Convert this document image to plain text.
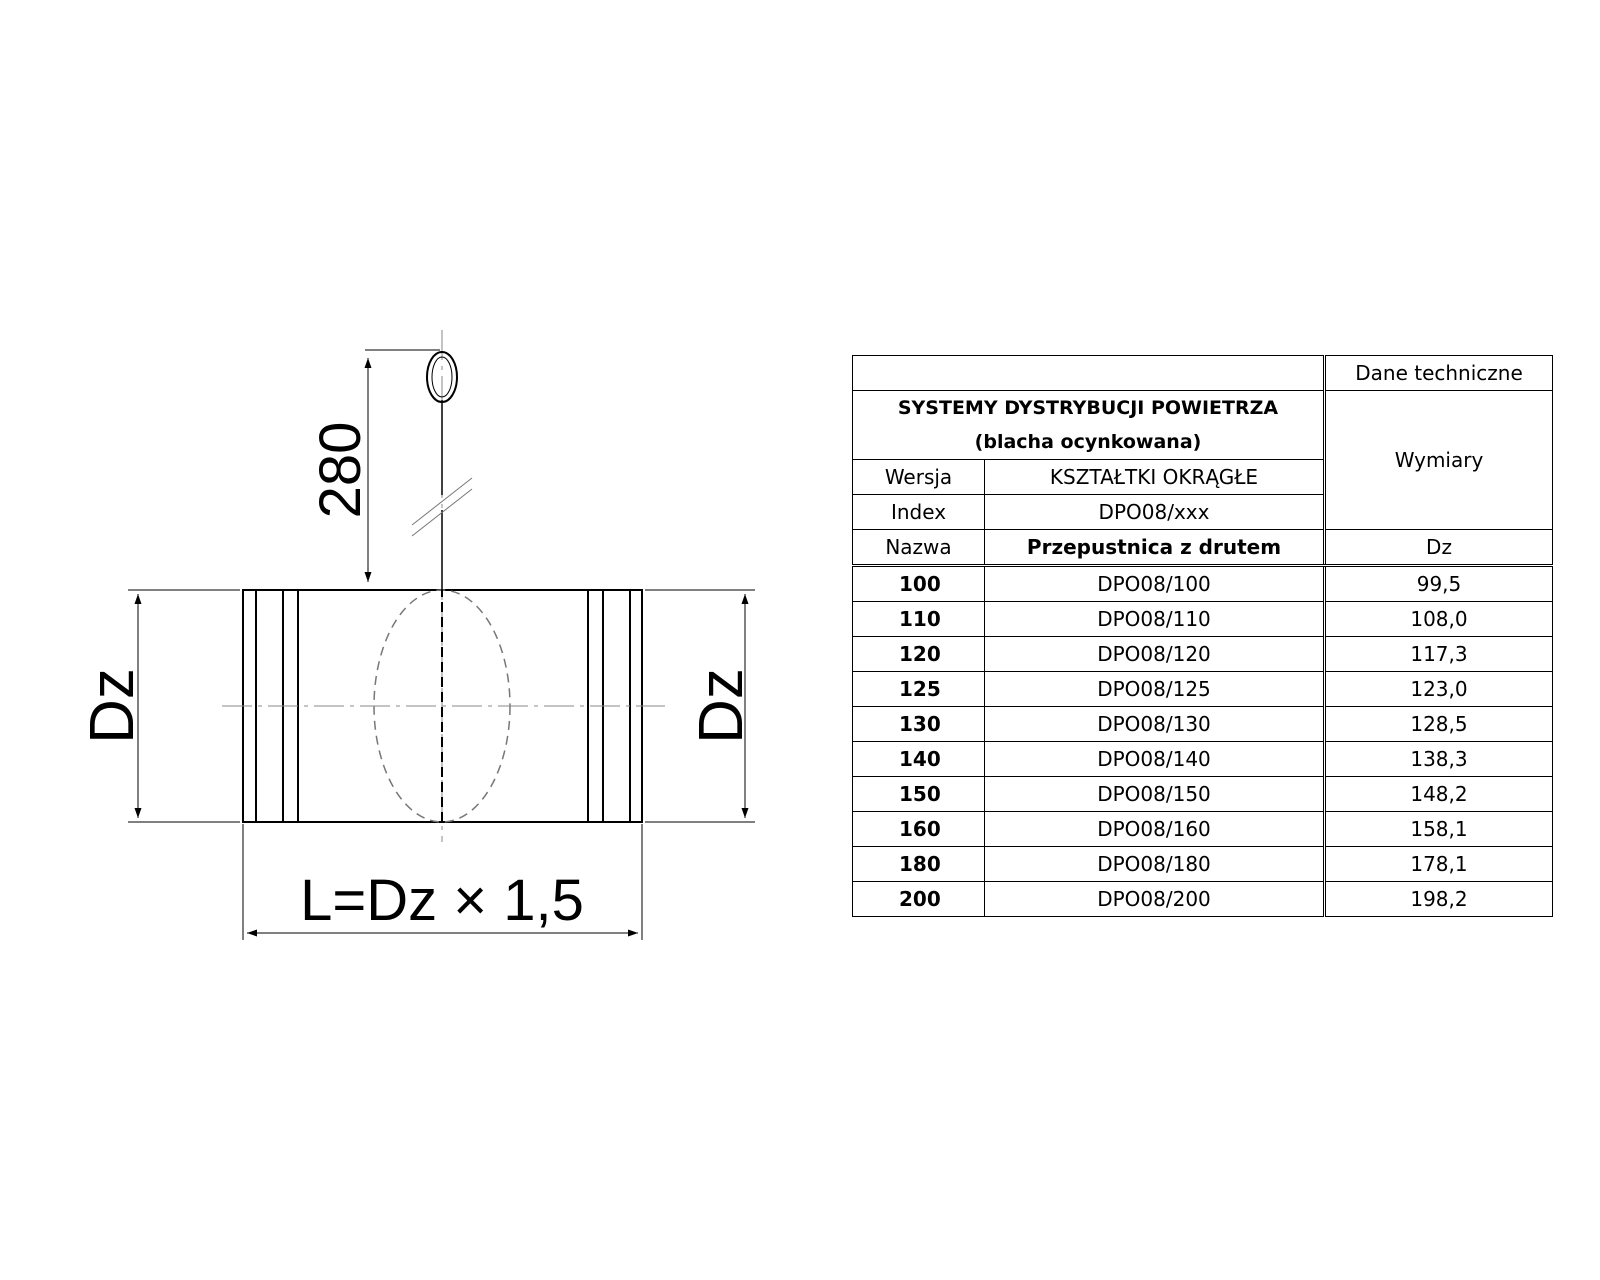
280
Dz	Dz
L=Dz × 1,5
		Dane techniczne

SYSTEMY DYSTRYBUCJI POWIETRZA
(blacha ocynkowana)		Wymiary
Wersja	KSZTAŁTKI OKRĄGŁE	
Index	DPO08/xxx	
Nazwa	Przepustnica z drutem	Dz
100	DPO08/100	99,5
110	DPO08/110	108,0
120	DPO08/120	117,3
125	DPO08/125	123,0
130	DPO08/130	128,5
140	DPO08/140	138,3
150	DPO08/150	148,2
160	DPO08/160	158,1
180	DPO08/180	178,1
200	DPO08/200	198,2
